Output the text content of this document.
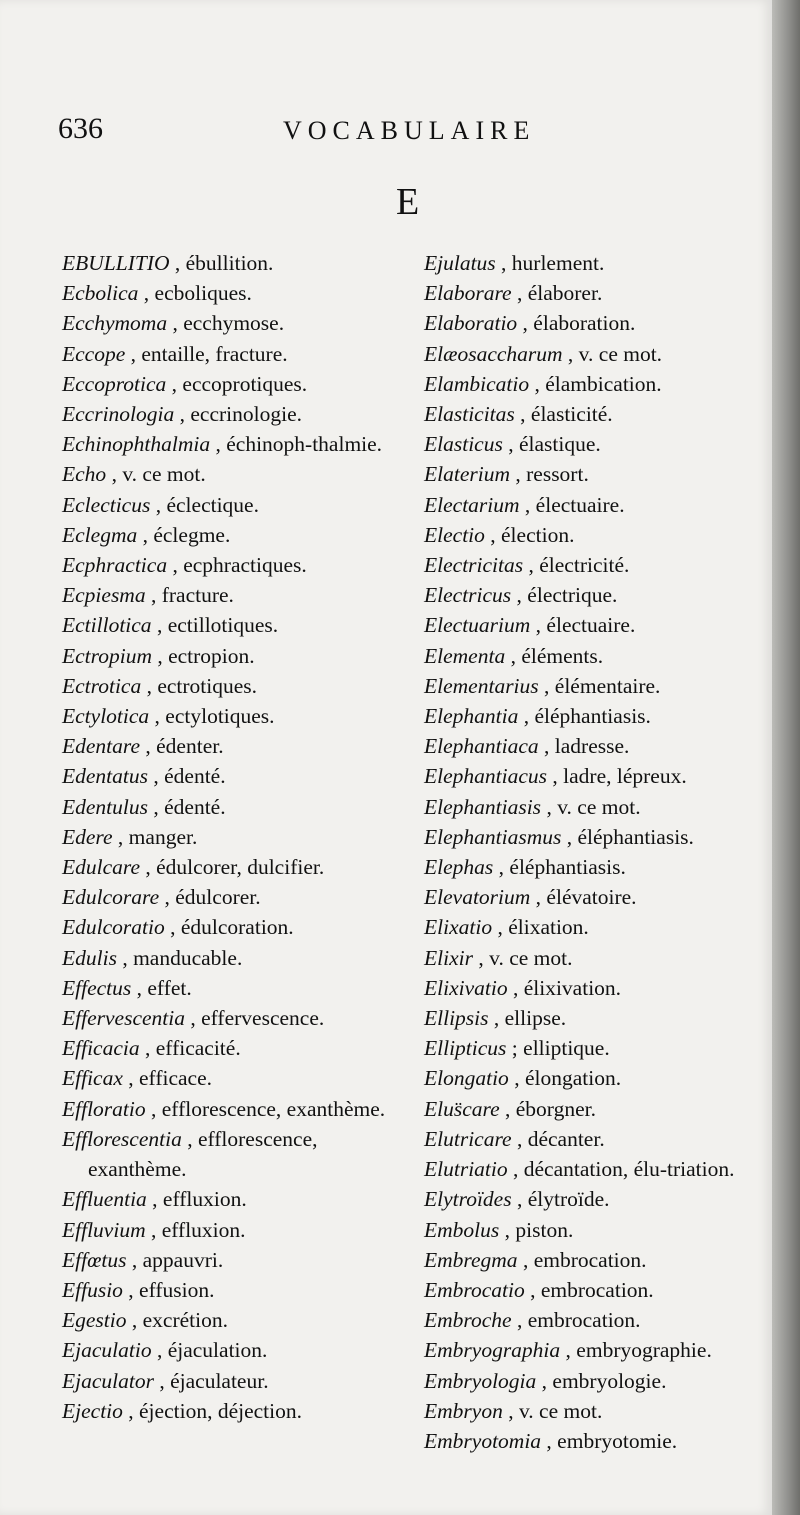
636	VOCABULAIRE
E
EBULLITIO , ébullition.
Ecbolica , ecboliques.
Ecchymoma , ecchymose.
Eccope , entaille, fracture.
Eccoprotica , eccoprotiques.
Eccrinologia , eccrinologie.
Echinophthalmia , échinoph-thalmie.
Echo , v. ce mot.
Eclecticus , éclectique.
Eclegma , éclegme.
Ecphractica , ecphractiques.
Ecpiesma , fracture.
Ectillotica , ectillotiques.
Ectropium , ectropion.
Ectrotica , ectrotiques.
Ectylotica , ectylotiques.
Edentare , édenter.
Edentatus , édenté.
Edentulus , édenté.
Edere , manger.
Edulcare , édulcorer, dulcifier.
Edulcorare , édulcorer.
Edulcoratio , édulcoration.
Edulis , manducable.
Effectus , effet.
Effervescentia , effervescence.
Efficacia , efficacité.
Efficax , efficace.
Effloratio , efflorescence, exanthème.
Efflorescentia , efflorescence, exanthème.
Effluentia , effluxion.
Effluvium , effluxion.
Effœtus , appauvri.
Effusio , effusion.
Egestio , excrétion.
Ejaculatio , éjaculation.
Ejaculator , éjaculateur.
Ejectio , éjection, déjection.
Ejulatus , hurlement.
Elaborare , élaborer.
Elaboratio , élaboration.
Elæosaccharum , v. ce mot.
Elambicatio , élambication.
Elasticitas , élasticité.
Elasticus , élastique.
Elaterium , ressort.
Electarium , électuaire.
Electio , élection.
Electricitas , électricité.
Electricus , électrique.
Electuarium , électuaire.
Elementa , éléments.
Elementarius , élémentaire.
Elephantia , éléphantiasis.
Elephantiaca , ladresse.
Elephantiacus , ladre, lépreux.
Elephantiasis , v. ce mot.
Elephantiasmus , éléphantiasis.
Elephas , éléphantiasis.
Elevatorium , élévatoire.
Elixatio , élixation.
Elixir , v. ce mot.
Elixivatio , élixivation.
Ellipsis , ellipse.
Ellipticus ; elliptique.
Elongatio , élongation.
Elus̈care , éborgner.
Elutricare , décanter.
Elutriatio , décantation, élu-triation.
Elytroïdes , élytroïde.
Embolus , piston.
Embregma , embrocation.
Embrocatio , embrocation.
Embroche , embrocation.
Embryographia , embryographie.
Embryologia , embryologie.
Embryon , v. ce mot.
Embryotomia , embryotomie.
